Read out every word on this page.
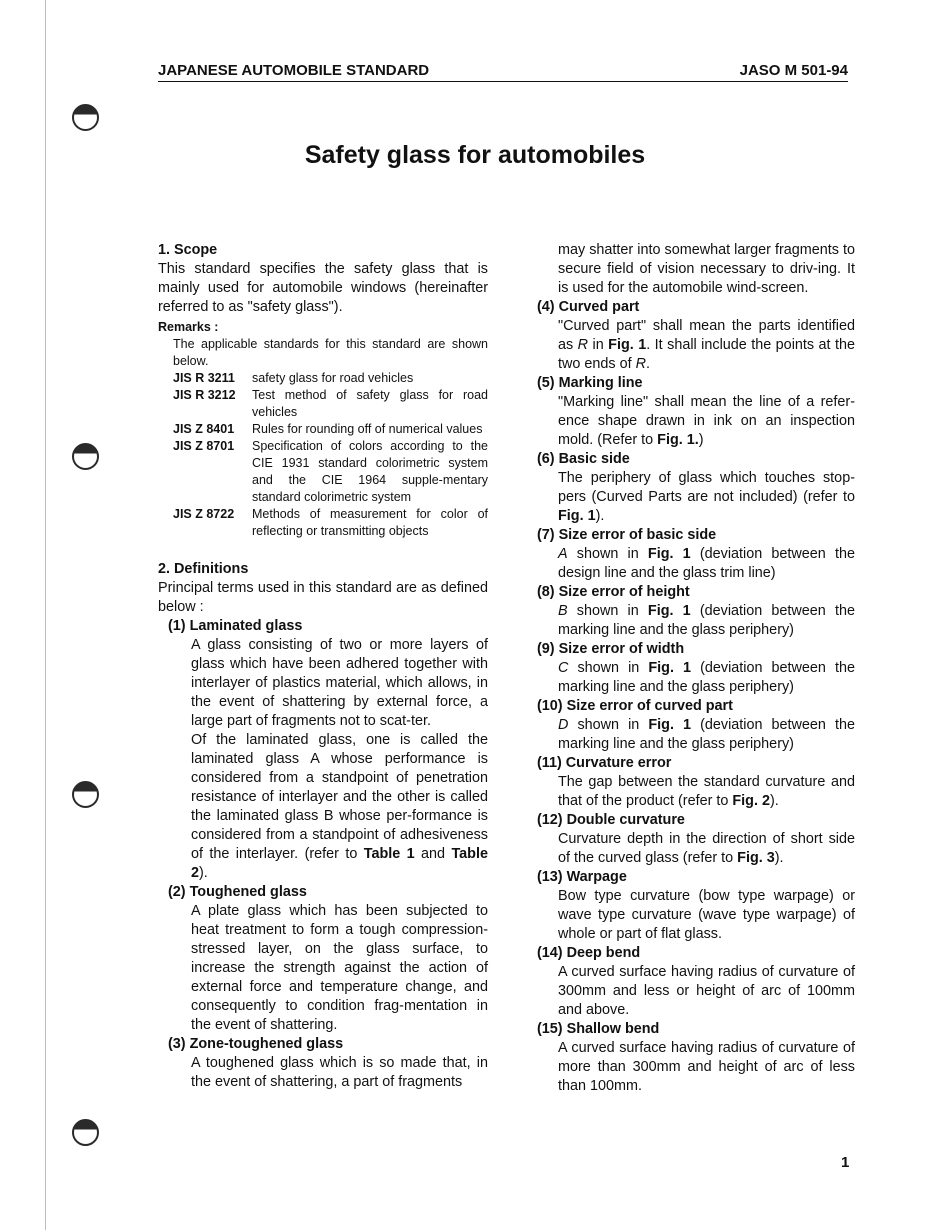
JAPANESE AUTOMOBILE STANDARD	JASO M 501-94
Safety glass for automobiles
1. Scope
This standard specifies the safety glass that is mainly used for automobile windows (hereinafter referred to as "safety glass").
Remarks :
The applicable standards for this standard are shown below.
JIS R 3211	safety glass for road vehicles
JIS R 3212	Test method of safety glass for road vehicles
JIS Z 8401	Rules for rounding off of numerical values
JIS Z 8701	Specification of colors according to the CIE 1931 standard colorimetric system and the CIE 1964 supple-mentary standard colorimetric system
JIS Z 8722	Methods of measurement for color of reflecting or transmitting objects
2. Definitions
Principal terms used in this standard are as defined below :
(1) Laminated glass
A glass consisting of two or more layers of glass which have been adhered together with interlayer of plastics material, which allows, in the event of shattering by external force, a large part of fragments not to scat-ter.
Of the laminated glass, one is called the laminated glass A whose performance is considered from a standpoint of penetration resistance of interlayer and the other is called the laminated glass B whose per-formance is considered from a standpoint of adhesiveness of the interlayer. (refer to Table 1 and Table 2).
(2) Toughened glass
A plate glass which has been subjected to heat treatment to form a tough compression-stressed layer, on the glass surface, to increase the strength against the action of external force and temperature change, and consequently to condition frag-mentation in the event of shattering.
(3) Zone-toughened glass
A toughened glass which is so made that, in the event of shattering, a part of fragments
may shatter into somewhat larger fragments to secure field of vision necessary to driv-ing. It is used for the automobile wind-screen.
(4) Curved part
"Curved part" shall mean the parts identified as R in Fig. 1. It shall include the points at the two ends of R.
(5) Marking line
"Marking line" shall mean the line of a refer-ence shape drawn in ink on an inspection mold. (Refer to Fig. 1.)
(6) Basic side
The periphery of glass which touches stop-pers (Curved Parts are not included) (refer to Fig. 1).
(7) Size error of basic side
A shown in Fig. 1 (deviation between the design line and the glass trim line)
(8) Size error of height
B shown in Fig. 1 (deviation between the marking line and the glass periphery)
(9) Size error of width
C shown in Fig. 1 (deviation between the marking line and the glass periphery)
(10) Size error of curved part
D shown in Fig. 1 (deviation between the marking line and the glass periphery)
(11) Curvature error
The gap between the standard curvature and that of the product (refer to Fig. 2).
(12) Double curvature
Curvature depth in the direction of short side of the curved glass (refer to Fig. 3).
(13) Warpage
Bow type curvature (bow type warpage) or wave type curvature (wave type warpage) of whole or part of flat glass.
(14) Deep bend
A curved surface having radius of curvature of 300mm and less or height of arc of 100mm and above.
(15) Shallow bend
A curved surface having radius of curvature of more than 300mm and height of arc of less than 100mm.
1
